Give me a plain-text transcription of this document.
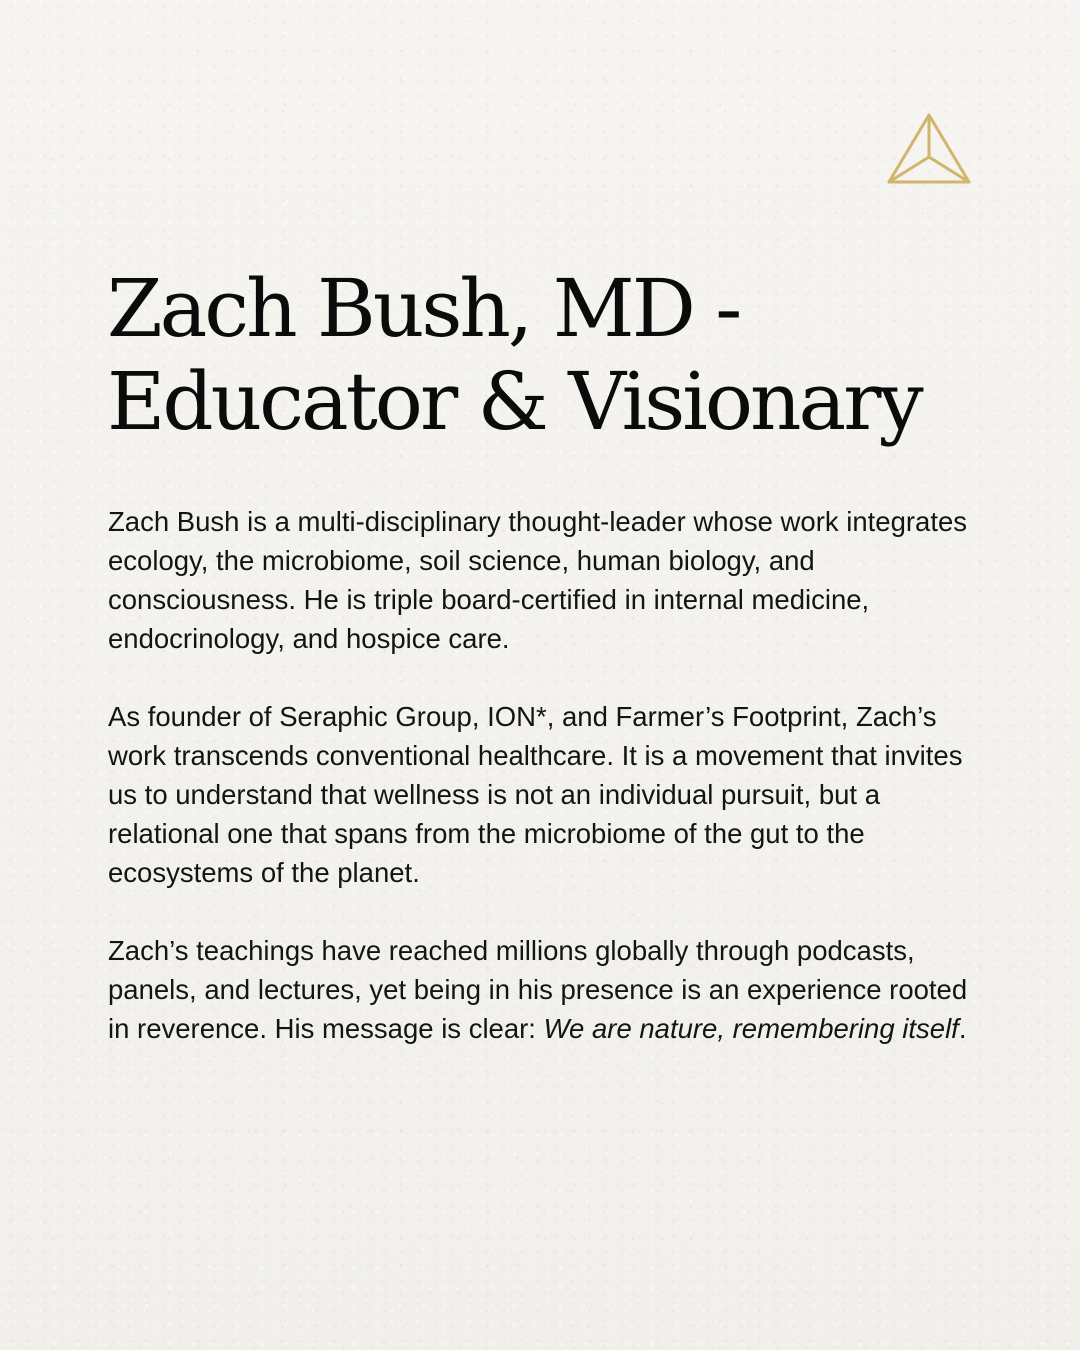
Zach Bush, MD -
Educator & Visionary

Zach Bush is a multi-disciplinary thought-leader whose work integrates ecology, the microbiome, soil science, human biology, and consciousness. He is triple board-certified in internal medicine, endocrinology, and hospice care.

As founder of Seraphic Group, ION*, and Farmer’s Footprint, Zach’s work transcends conventional healthcare. It is a movement that invites us to understand that wellness is not an individual pursuit, but a relational one that spans from the microbiome of the gut to the ecosystems of the planet.

Zach’s teachings have reached millions globally through podcasts, panels, and lectures, yet being in his presence is an experience rooted in reverence. His message is clear: We are nature, remembering itself.
